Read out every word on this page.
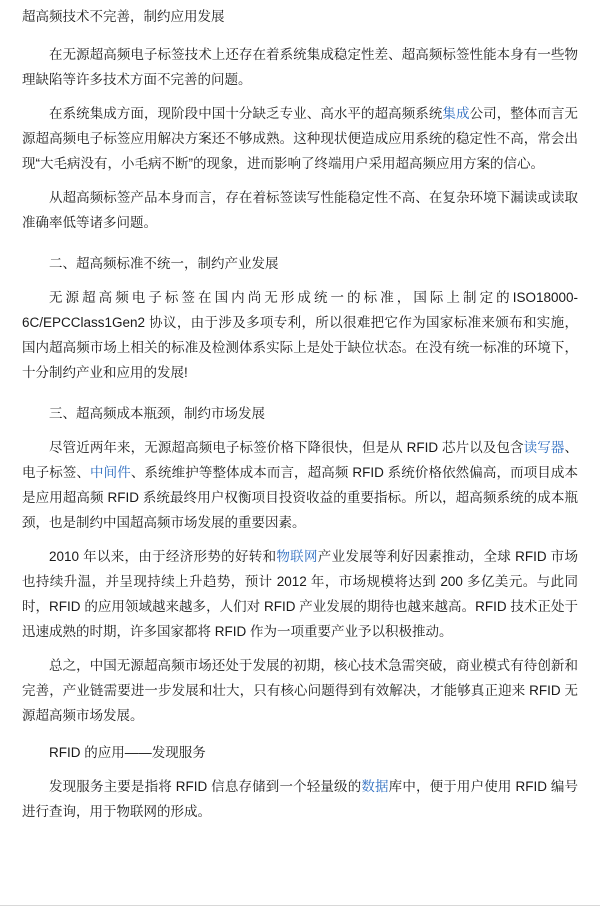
超高频技术不完善，制约应用发展
在无源超高频电子标签技术上还存在着系统集成稳定性差、超高频标签性能本身有一些物理缺陷等许多技术方面不完善的问题。
在系统集成方面，现阶段中国十分缺乏专业、高水平的超高频系统集成公司，整体而言无源超高频电子标签应用解决方案还不够成熟。这种现状便造成应用系统的稳定性不高，常会出现“大毛病没有，小毛病不断”的现象，进而影响了终端用户采用超高频应用方案的信心。
从超高频标签产品本身而言，存在着标签读写性能稳定性不高、在复杂环境下漏读或读取准确率低等诸多问题。
二、超高频标准不统一，制约产业发展
无源超高频电子标签在国内尚无形成统一的标准，国际上制定的ISO18000-6C/EPCClass1Gen2 协议，由于涉及多项专利，所以很难把它作为国家标准来颁布和实施，国内超高频市场上相关的标准及检测体系实际上是处于缺位状态。在没有统一标准的环境下，十分制约产业和应用的发展!
三、超高频成本瓶颈，制约市场发展
尽管近两年来，无源超高频电子标签价格下降很快，但是从 RFID 芯片以及包含读写器、电子标签、中间件、系统维护等整体成本而言，超高频 RFID 系统价格依然偏高，而项目成本是应用超高频 RFID 系统最终用户权衡项目投资收益的重要指标。所以，超高频系统的成本瓶颈，也是制约中国超高频市场发展的重要因素。
2010 年以来，由于经济形势的好转和物联网产业发展等利好因素推动，全球 RFID 市场也持续升温，并呈现持续上升趋势，预计 2012 年，市场规模将达到 200 多亿美元。与此同时，RFID 的应用领域越来越多，人们对 RFID 产业发展的期待也越来越高。RFID 技术正处于迅速成熟的时期，许多国家都将 RFID 作为一项重要产业予以积极推动。
总之，中国无源超高频市场还处于发展的初期，核心技术急需突破，商业模式有待创新和完善，产业链需要进一步发展和壮大，只有核心问题得到有效解决，才能够真正迎来 RFID 无源超高频市场发展。
RFID 的应用——发现服务
发现服务主要是指将 RFID 信息存储到一个轻量级的数据库中，便于用户使用 RFID 编号进行查询，用于物联网的形成。
